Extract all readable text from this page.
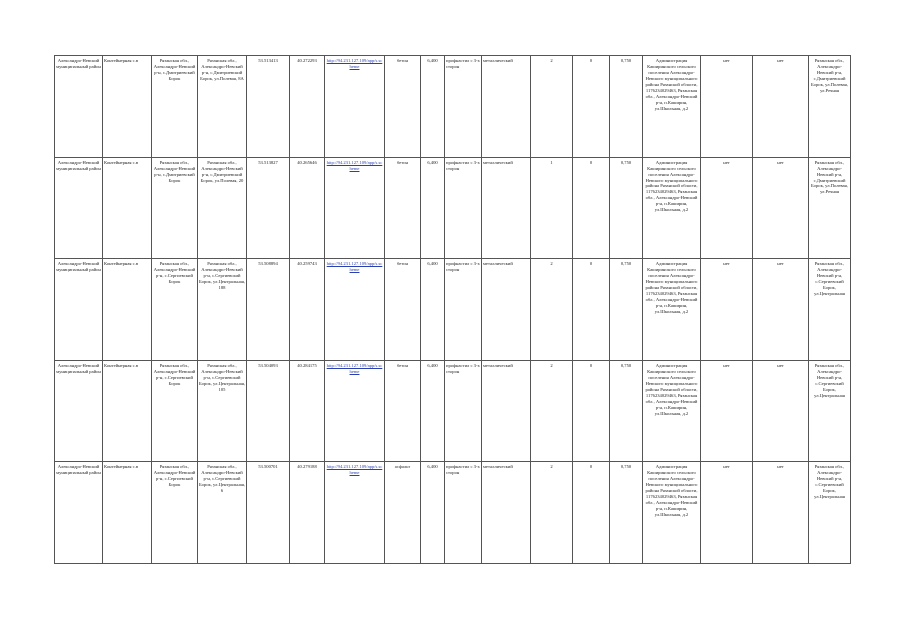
Александро-Невский муниципальный район	Контейнерная с.в	Рязанская обл., Александро-Невский р-н, с.Дмитриевский Борок	Рязанская обл., Александро-Невский р-н, с.Дмитриевский Борок, ул.Полевая, 8А	53.513413	40.272293	http://94.231.127.109/app/s.scheme	бетон	6,400	профнастил с 3-х сторон	металлический	2	0	0,750	Администрация Каширинского сельского поселения Александро-Невского муниципального района Рязанской области, 1176234029463, Рязанская обл., Александро-Невский р-н, п.Каширин, ул.Школьная, д.2	нет	нет	Рязанская обл., Александро-Невский р-н, с.Дмитриевский Борок, ул.Полевая, ул.Речная
Александро-Невский муниципальный район	Контейнерная с.в	Рязанская обл., Александро-Невский р-н, с.Дмитриевский Борок	Рязанская обл., Александро-Невский р-н, с.Дмитриевский Борок, ул.Полевая, 20	53.513827	40.265646	http://94.231.127.109/app/s.scheme	бетон	6,400	профнастил с 3-х сторон	металлический	1	0	0,750	Администрация Каширинского сельского поселения Александро-Невского муниципального района Рязанской области, 1176234029463, Рязанская обл., Александро-Невский р-н, п.Каширин, ул.Школьная, д.2	нет	нет	Рязанская обл., Александро-Невский р-н, с.Дмитриевский Борок, ул.Полевая, ул.Речная
Александро-Невский муниципальный район	Контейнерная с.в	Рязанская обл., Александро-Невский р-н, с.Сергиевский Борок	Рязанская обл., Александро-Невский р-н, с.Сергиевский Борок, ул.Центральная, 188	53.508894	40.259743	http://94.231.127.109/app/s.scheme	бетон	6,400	профнастил с 3-х сторон	металлический	2	0	0,750	Администрация Каширинского сельского поселения Александро-Невского муниципального района Рязанской области, 1176234029463, Рязанская обл., Александро-Невский р-н, п.Каширин, ул.Школьная, д.2	нет	нет	Рязанская обл., Александро-Невский р-н, с.Сергиевский Борок, ул.Центральная
Александро-Невский муниципальный район	Контейнерная с.в	Рязанская обл., Александро-Невский р-н, с.Сергиевский Борок	Рязанская обл., Александро-Невский р-н, с.Сергиевский Борок, ул.Центральная, 105	53.504093	40.284175	http://94.231.127.109/app/s.scheme	бетон	6,400	профнастил с 3-х сторон	металлический	2	0	0,750	Администрация Каширинского сельского поселения Александро-Невского муниципального района Рязанской области, 1176234029463, Рязанская обл., Александро-Невский р-н, п.Каширин, ул.Школьная, д.2	нет	нет	Рязанская обл., Александро-Невский р-н, с.Сергиевский Борок, ул.Центральная
Александро-Невский муниципальный район	Контейнерная с.в	Рязанская обл., Александро-Невский р-н, с.Сергиевский Борок	Рязанская обл., Александро-Невский р-н, с.Сергиевский Борок, ул.Центральная, 6	53.500701	40.279188	http://94.231.127.109/app/s.scheme	асфальт	6,400	профнастил с 3-х сторон	металлический	2	0	0,750	Администрация Каширинского сельского поселения Александро-Невского муниципального района Рязанской области, 1176234029463, Рязанская обл., Александро-Невский р-н, п.Каширин, ул.Школьная, д.2	нет	нет	Рязанская обл., Александро-Невский р-н, с.Сергиевский Борок, ул.Центральная
